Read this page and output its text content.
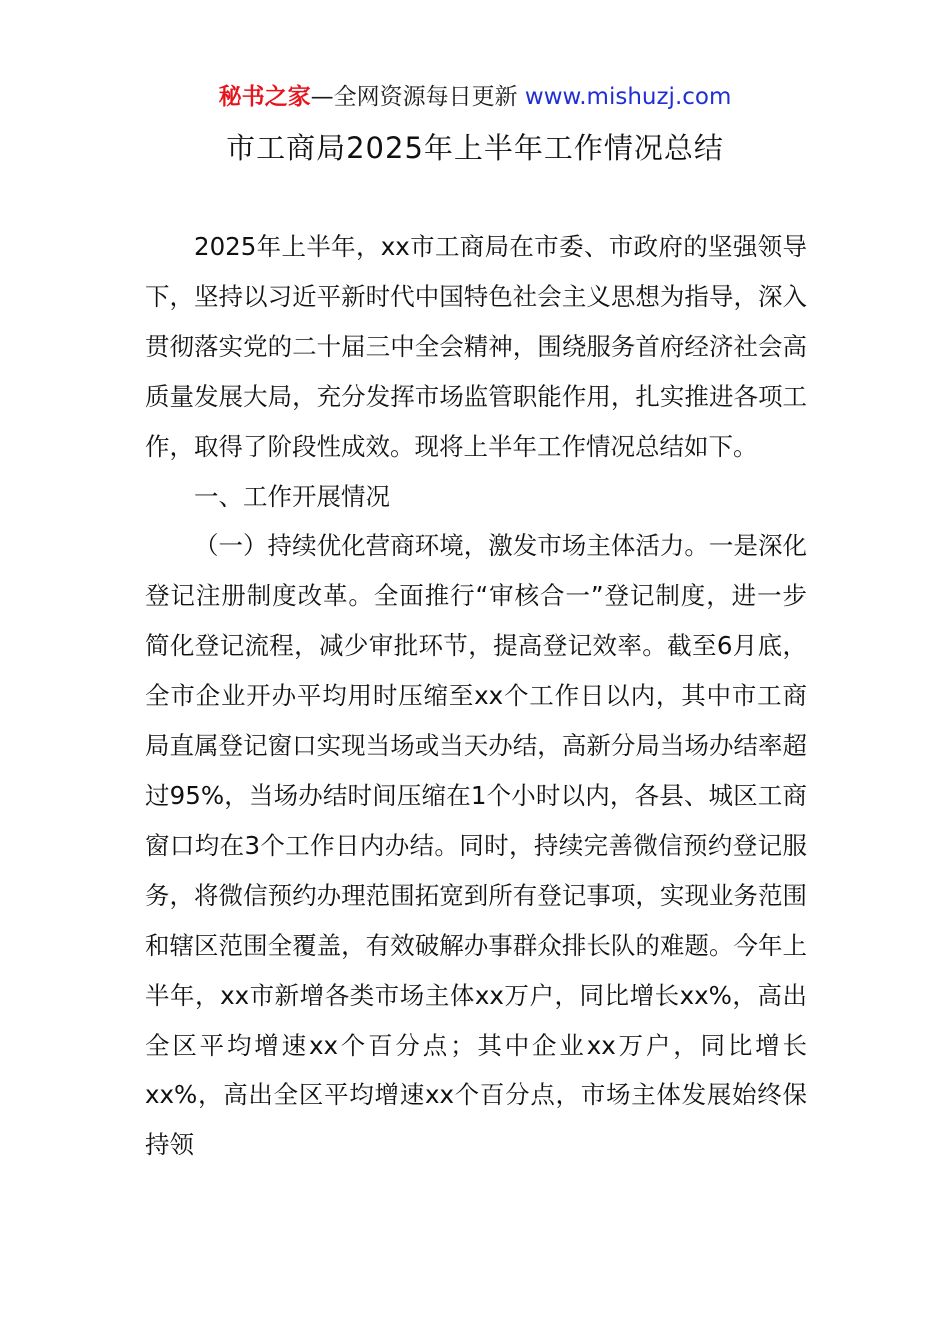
秘书之家—全网资源每日更新 www.mishuzj.com
市工商局2025年上半年工作情况总结

2025年上半年，xx市工商局在市委、市政府的坚强领导下，坚持以习近平新时代中国特色社会主义思想为指导，深入贯彻落实党的二十届三中全会精神，围绕服务首府经济社会高质量发展大局，充分发挥市场监管职能作用，扎实推进各项工作，取得了阶段性成效。现将上半年工作情况总结如下。

一、工作开展情况

（一）持续优化营商环境，激发市场主体活力。一是深化登记注册制度改革。全面推行“审核合一”登记制度，进一步简化登记流程，减少审批环节，提高登记效率。截至6月底，全市企业开办平均用时压缩至xx个工作日以内，其中市工商局直属登记窗口实现当场或当天办结，高新分局当场办结率超过95%，当场办结时间压缩在1个小时以内，各县、城区工商窗口均在3个工作日内办结。同时，持续完善微信预约登记服务，将微信预约办理范围拓宽到所有登记事项，实现业务范围和辖区范围全覆盖，有效破解办事群众排长队的难题。今年上半年，xx市新增各类市场主体xx万户，同比增长xx%，高出全区平均增速xx个百分点；其中企业xx万户，同比增长xx%，高出全区平均增速xx个百分点，市场主体发展始终保持领
